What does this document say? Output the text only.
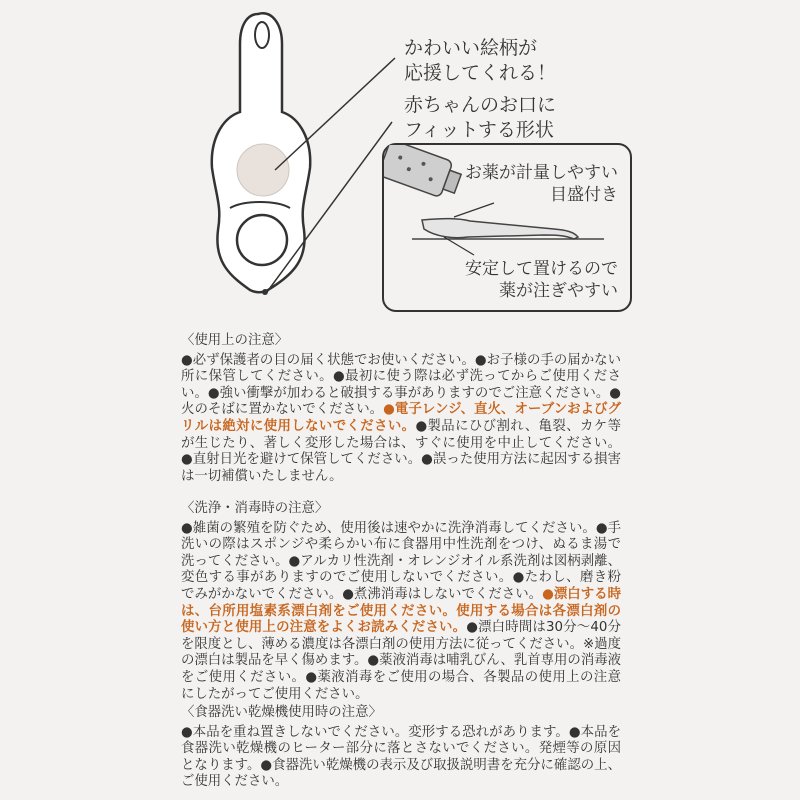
かわいい絵柄が
応援してくれる！
赤ちゃんのお口に
フィットする形状
お薬が計量しやすい
目盛付き
安定して置けるので
薬が注ぎやすい
〈使用上の注意〉
●必ず保護者の目の届く状態でお使いください。●お子様の手の届かない所に保管してください。●最初に使う際は必ず洗ってからご使用ください。●強い衝撃が加わると破損する事がありますのでご注意ください。●火のそばに置かないでください。●電子レンジ、直火、オーブンおよびグリルは絶対に使用しないでください。●製品にひび割れ、亀裂、カケ等が生じたり、著しく変形した場合は、すぐに使用を中止してください。●直射日光を避けて保管してください。●誤った使用方法に起因する損害は一切補償いたしません。
〈洗浄・消毒時の注意〉
●雑菌の繁殖を防ぐため、使用後は速やかに洗浄消毒してください。●手洗いの際はスポンジや柔らかい布に食器用中性洗剤をつけ、ぬるま湯で洗ってください。●アルカリ性洗剤・オレンジオイル系洗剤は図柄剥離、変色する事がありますのでご使用しないでください。●たわし、磨き粉でみがかないでください。●煮沸消毒はしないでください。●漂白する時は、台所用塩素系漂白剤をご使用ください。使用する場合は各漂白剤の使い方と使用上の注意をよくお読みください。●漂白時間は30分～40分を限度とし、薄める濃度は各漂白剤の使用方法に従ってください。※過度の漂白は製品を早く傷めます。●薬液消毒は哺乳びん、乳首専用の消毒液をご使用ください。●薬液消毒をご使用の場合、各製品の使用上の注意にしたがってご使用ください。
〈食器洗い乾燥機使用時の注意〉
●本品を重ね置きしないでください。変形する恐れがあります。●本品を食器洗い乾燥機のヒーター部分に落とさないでください。発煙等の原因となります。●食器洗い乾燥機の表示及び取扱説明書を充分に確認の上、ご使用ください。
